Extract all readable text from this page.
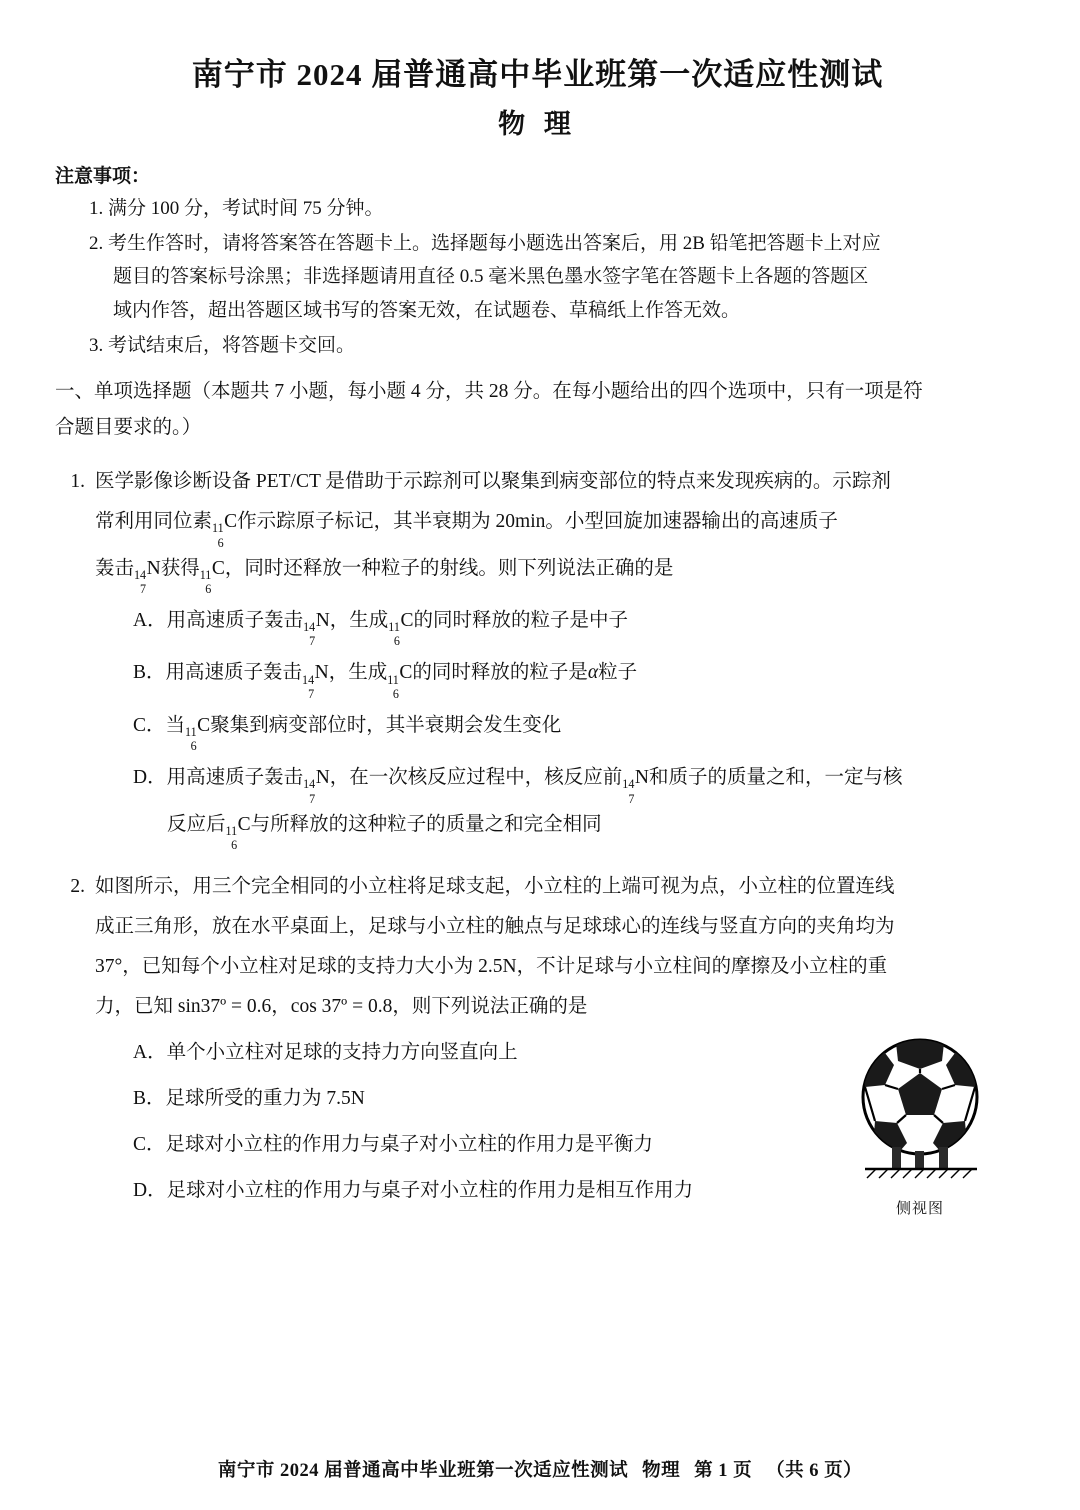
南宁市 2024 届普通高中毕业班第一次适应性测试
物 理
注意事项：
1. 满分 100 分，考试时间 75 分钟。
2. 考生作答时，请将答案答在答题卡上。选择题每小题选出答案后，用 2B 铅笔把答题卡上对应
题目的答案标号涂黑；非选择题请用直径 0.5 毫米黑色墨水签字笔在答题卡上各题的答题区
域内作答，超出答题区域书写的答案无效，在试题卷、草稿纸上作答无效。
3. 考试结束后，将答题卡交回。
一、单项选择题（本题共 7 小题，每小题 4 分，共 28 分。在每小题给出的四个选项中，只有一项是符
合题目要求的。）
1. 医学影像诊断设备 PET/CT 是借助于示踪剂可以聚集到病变部位的特点来发现疾病的。示踪剂
常利用同位素 11
6
C作示踪原子标记，其半衰期为 20min。小型回旋加速器输出的高速质子
轰击 14
7
N获得 11
6
C，同时还释放一种粒子的射线。则下列说法正确的是
A．用高速质子轰击 14
7
N，生成 11
6
C的同时释放的粒子是中子
B．用高速质子轰击 14
7
N，生成 11
6
C的同时释放的粒子是α粒子
C．当 11
6
C聚集到病变部位时，其半衰期会发生变化
D．用高速质子轰击 14
7
N，在一次核反应过程中，核反应前 14
7
N和质子的质量之和，一定与核
反应后 11
6
C与所释放的这种粒子的质量之和完全相同
2. 如图所示，用三个完全相同的小立柱将足球支起，小立柱的上端可视为点，小立柱的位置连线
成正三角形，放在水平桌面上，足球与小立柱的触点与足球球心的连线与竖直方向的夹角均为
37°，已知每个小立柱对足球的支持力大小为 2.5N，不计足球与小立柱间的摩擦及小立柱的重
力，已知 sin37º = 0.6，cos 37º = 0.8，则下列说法正确的是
A．单个小立柱对足球的支持力方向竖直向上
B．足球所受的重力为 7.5N
C．足球对小立柱的作用力与桌子对小立柱的作用力是平衡力
D．足球对小立柱的作用力与桌子对小立柱的作用力是相互作用力
侧视图
南宁市 2024 届普通高中毕业班第一次适应性测试 物理 第 1 页 （共 6 页）
